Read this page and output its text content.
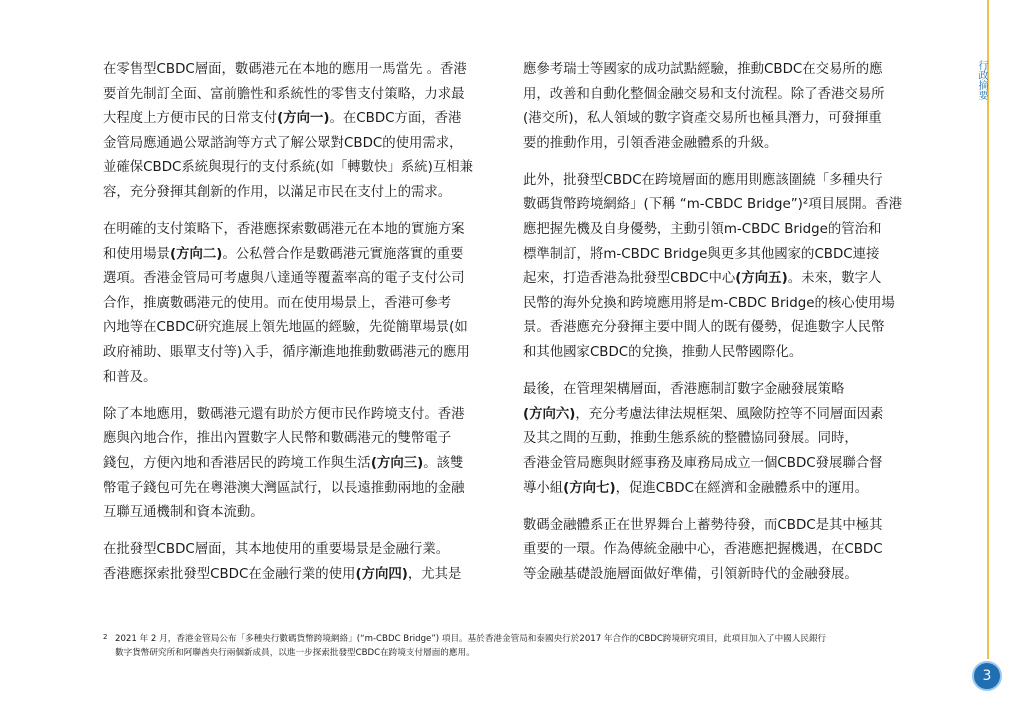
行政摘要
在零售型CBDC層面，數碼港元在本地的應用一馬當先 。香港
要首先制訂全面、富前膽性和系統性的零售支付策略，力求最
大程度上方便市民的日常支付(方向一)。在CBDC方面，香港
金管局應通過公眾諮詢等方式了解公眾對CBDC的使用需求，
並確保CBDC系統與現行的支付系統(如「轉數快」系統)互相兼
容，充分發揮其創新的作用，以滿足市民在支付上的需求。
在明確的支付策略下，香港應探索數碼港元在本地的實施方案
和使用場景(方向二)。公私營合作是數碼港元實施落實的重要
選項。香港金管局可考慮與八達通等覆蓋率高的電子支付公司
合作，推廣數碼港元的使用。而在使用場景上，香港可參考
內地等在CBDC研究進展上領先地區的經驗，先從簡單場景(如
政府補助、賬單支付等)入手，循序漸進地推動數碼港元的應用
和普及。
除了本地應用，數碼港元還有助於方便市民作跨境支付。香港
應與內地合作，推出內置數字人民幣和數碼港元的雙幣電子
錢包，方便內地和香港居民的跨境工作與生活(方向三)。該雙
幣電子錢包可先在粵港澳大灣區試行，以長遠推動兩地的金融
互聯互通機制和資本流動。
在批發型CBDC層面，其本地使用的重要場景是金融行業。
香港應探索批發型CBDC在金融行業的使用(方向四)，尤其是
應參考瑞士等國家的成功試點經驗，推動CBDC在交易所的應
用，改善和自動化整個金融交易和支付流程。除了香港交易所
(港交所)，私人領域的數字資產交易所也極具潛力，可發揮重
要的推動作用，引領香港金融體系的升級。
此外，批發型CBDC在跨境層面的應用則應該圍繞「多種央行
數碼貨幣跨境網絡」(下稱 “m-CBDC Bridge”)²項目展開。香港
應把握先機及自身優勢，主動引領m-CBDC Bridge的管治和
標準制訂，將m-CBDC Bridge與更多其他國家的CBDC連接
起來，打造香港為批發型CBDC中心(方向五)。未來，數字人
民幣的海外兌換和跨境應用將是m-CBDC Bridge的核心使用場
景。香港應充分發揮主要中間人的既有優勢，促進數字人民幣
和其他國家CBDC的兌換，推動人民幣國際化。
最後，在管理架構層面，香港應制訂數字金融發展策略
(方向六)，充分考慮法律法規框架、風險防控等不同層面因素
及其之間的互動，推動生態系統的整體協同發展。同時，
香港金管局應與財經事務及庫務局成立一個CBDC發展聯合督
導小組(方向七)，促進CBDC在經濟和金融體系中的運用。
數碼金融體系正在世界舞台上蓄勢待發，而CBDC是其中極其
重要的一環。作為傳統金融中心，香港應把握機遇，在CBDC
等金融基礎設施層面做好準備，引領新時代的金融發展。
2 2021 年 2 月，香港金管局公布「多種央行數碼貨幣跨境網絡」(“m-CBDC Bridge”) 項目。基於香港金管局和泰國央行於2017 年合作的CBDC跨境研究項目，此項目加入了中國人民銀行
數字貨幣研究所和阿聯酋央行兩個新成員，以進一步探索批發型CBDC在跨境支付層面的應用。
3
